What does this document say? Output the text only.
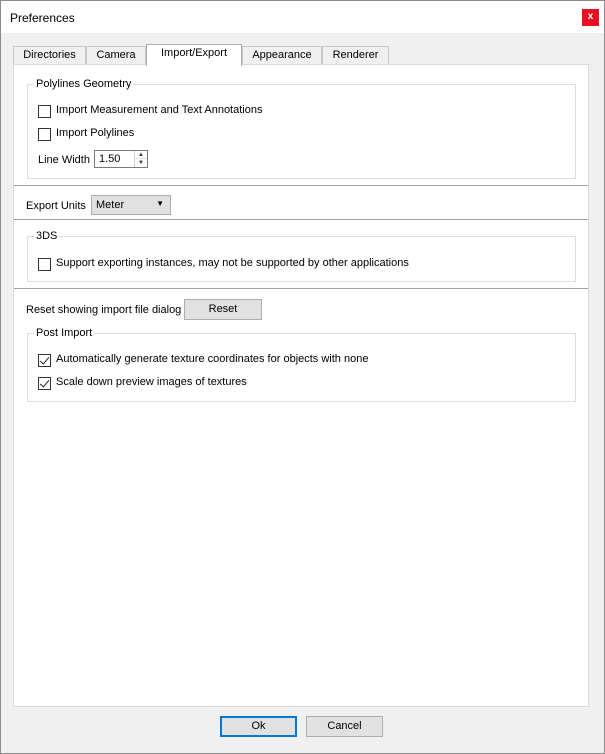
Preferences	x
Directories	Camera	Import/Export	Appearance	Renderer
Polylines Geometry
Import Measurement and Text Annotations
Import Polylines
Line Width 1.50	▲
▼
Export Units Meter	▼
3DS
Support exporting instances, may not be supported by other applications
Reset showing import file dialog	Reset
Post Import
Automatically generate texture coordinates for objects with none
Scale down preview images of textures
Ok	Cancel
